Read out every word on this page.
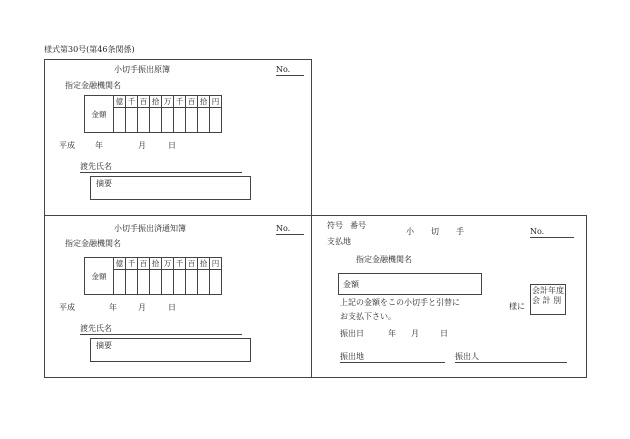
様式第30号(第46条関係)
小切手振出原簿	No.
指定金融機関名
金額	億	千	百	拾	万	千	百	拾	円

平成	年	月	日
渡先氏名
摘要
小切手振出済通知簿	No.
指定金融機関名
金額	億	千	百	拾	万	千	百	拾	円

平成	年	月	日
渡先氏名
摘要
符号 番号
小 切 手	No.
支払地
指定金融機関名
金額
上記の金額をこの小切手と引替に
お支払下さい。
様に
会計年度
会 計 別
振出日	年 月	日
振出地	振出人
